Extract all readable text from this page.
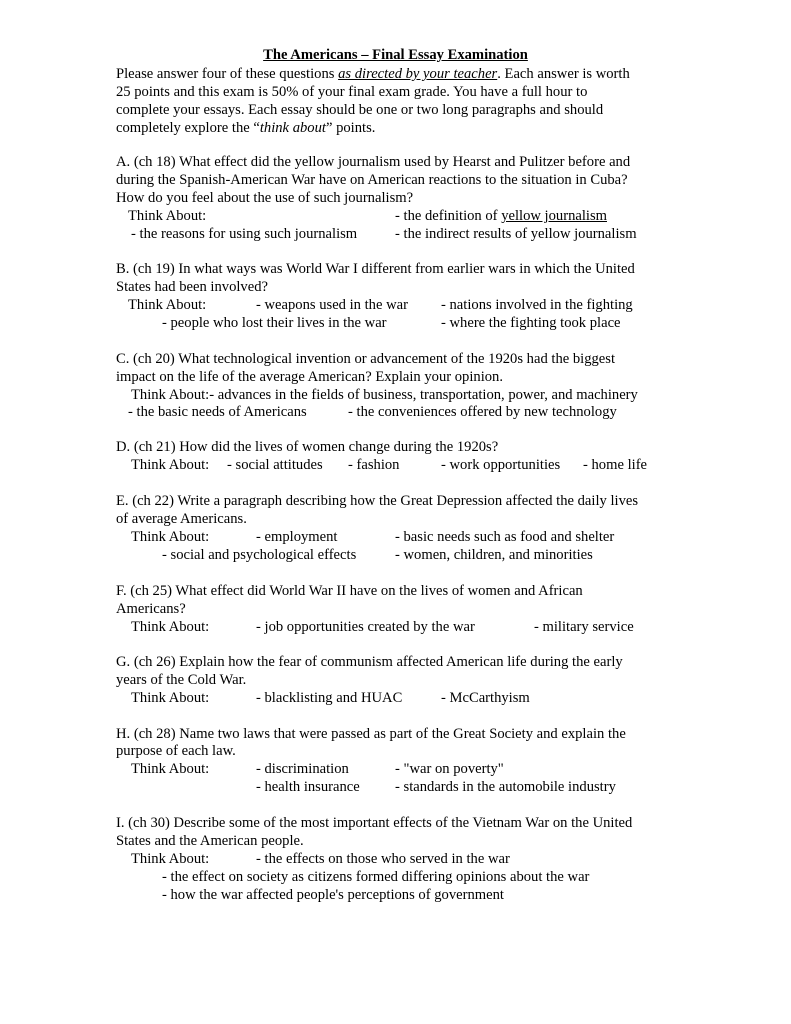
The Americans – Final Essay Examination
Please answer four of these questions as directed by your teacher. Each answer is worth
25 points and this exam is 50% of your final exam grade. You have a full hour to
complete your essays. Each essay should be one or two long paragraphs and should
completely explore the “think about” points.
A. (ch 18) What effect did the yellow journalism used by Hearst and Pulitzer before and
during the Spanish-American War have on American reactions to the situation in Cuba?
How do you feel about the use of such journalism?
Think About:	- the definition of yellow journalism
- the reasons for using such journalism	- the indirect results of yellow journalism
B. (ch 19) In what ways was World War I different from earlier wars in which the United
States had been involved?
Think About:	- weapons used in the war - nations involved in the fighting
- people who lost their lives in the war	- where the fighting took place
C. (ch 20) What technological invention or advancement of the 1920s had the biggest
impact on the life of the average American? Explain your opinion.
Think About:- advances in the fields of business, transportation, power, and machinery
- the basic needs of Americans	- the conveniences offered by new technology
D. (ch 21) How did the lives of women change during the 1920s?
Think About: - social attitudes - fashion	- work opportunities - home life
E. (ch 22) Write a paragraph describing how the Great Depression affected the daily lives
of average Americans.
Think About:	- employment	- basic needs such as food and shelter
- social and psychological effects	- women, children, and minorities
F. (ch 25) What effect did World War II have on the lives of women and African
Americans?
Think About:	- job opportunities created by the war	- military service
G. (ch 26) Explain how the fear of communism affected American life during the early
years of the Cold War.
Think About:	- blacklisting and HUAC	- McCarthyism
H. (ch 28) Name two laws that were passed as part of the Great Society and explain the
purpose of each law.
Think About:	- discrimination	- "war on poverty"
- health insurance - standards in the automobile industry
I. (ch 30) Describe some of the most important effects of the Vietnam War on the United
States and the American people.
Think About:	- the effects on those who served in the war
- the effect on society as citizens formed differing opinions about the war
- how the war affected people's perceptions of government
